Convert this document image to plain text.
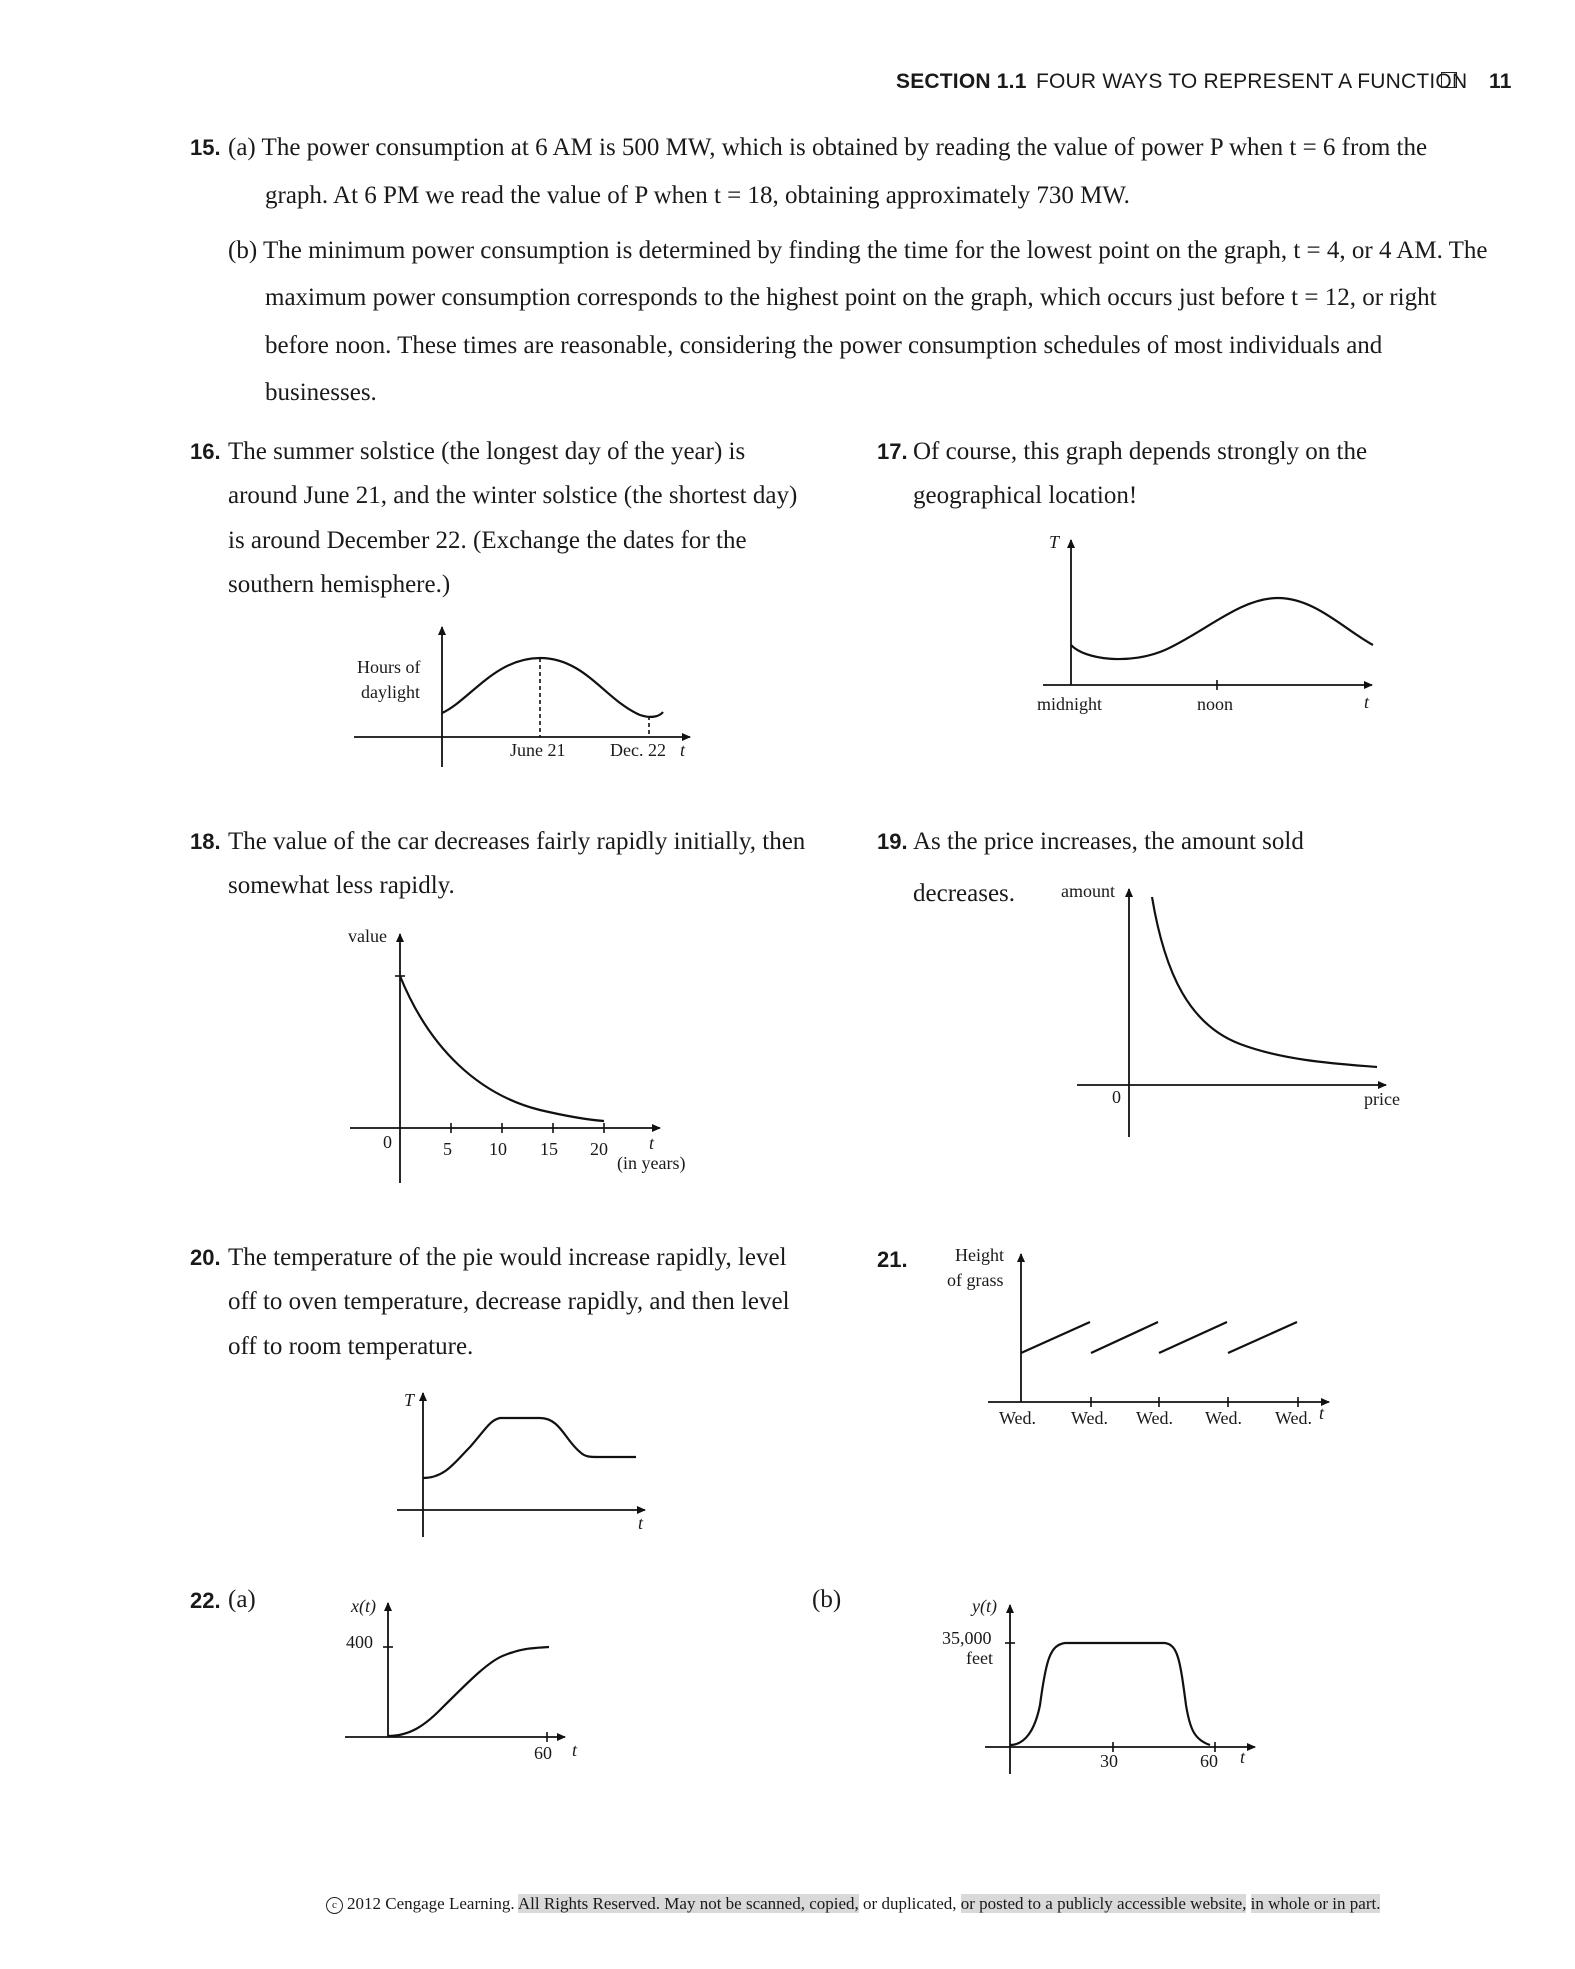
SECTION 1.1 FOUR WAYS TO REPRESENT A FUNCTION 11
15. (a) The power consumption at 6 AM is 500 MW, which is obtained by reading the value of power P when t = 6 from the
graph. At 6 PM we read the value of P when t = 18, obtaining approximately 730 MW.
(b) The minimum power consumption is determined by finding the time for the lowest point on the graph, t = 4, or 4 AM. The
maximum power consumption corresponds to the highest point on the graph, which occurs just before t = 12, or right
before noon. These times are reasonable, considering the power consumption schedules of most individuals and
businesses.
16. The summer solstice (the longest day of the year) is
around June 21, and the winter solstice (the shortest day)
is around December 22. (Exchange the dates for the
southern hemisphere.)
Hours of
daylight
June 21 Dec. 22 t
17. Of course, this graph depends strongly on the
geographical location!
T
midnight	noon	t
18. The value of the car decreases fairly rapidly initially, then
somewhat less rapidly.
value
0	5 10 15 20 t
(in years)
19. As the price increases, the amount sold
decreases.	amount
0	price
20. The temperature of the pie would increase rapidly, level
off to oven temperature, decrease rapidly, and then level
off to room temperature.
T
t
21.	Height
of grass
Wed. Wed. Wed. Wed. Wed. t
22. (a)	(b)
x(t)
400
60 t
y(t)
35,000
feet
30	60 t
c 2012 Cengage Learning. All Rights Reserved. May not be scanned, copied, or duplicated, or posted to a publicly accessible website, in whole or in part.
